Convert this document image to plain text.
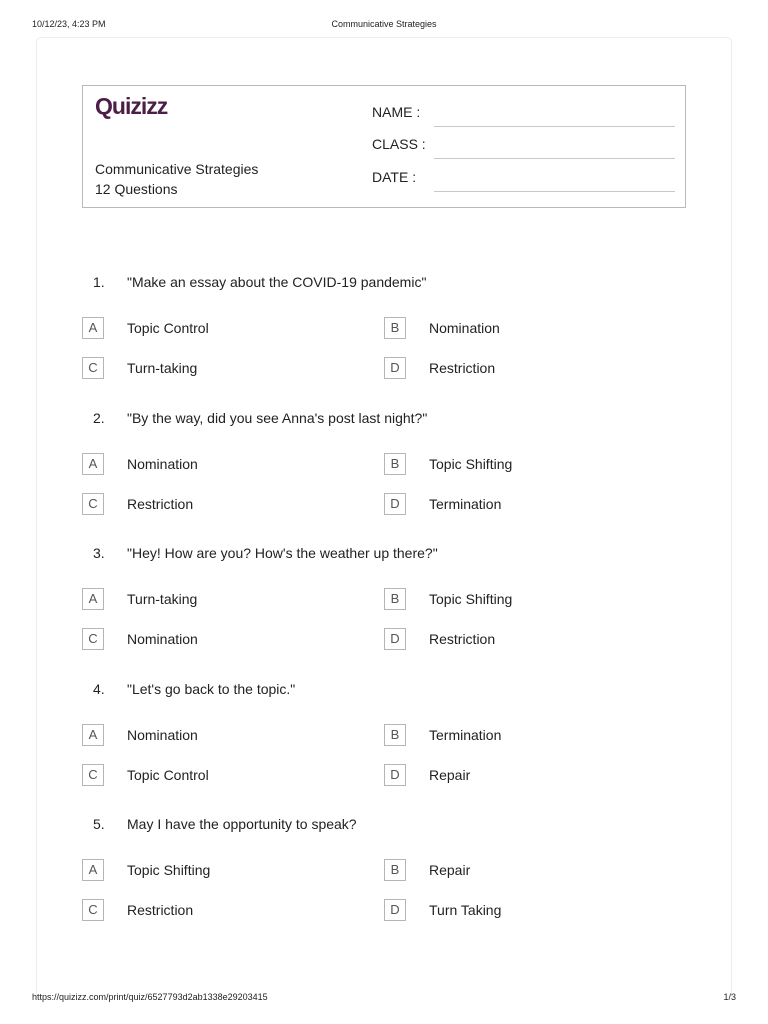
10/12/23, 4:23 PM	Communicative Strategies
Quizizz
Communicative Strategies
12 Questions
NAME :
CLASS :
DATE :
1. "Make an essay about the COVID-19 pandemic"
A	Topic Control	B	Nomination
C	Turn-taking	D	Restriction
2. "By the way, did you see Anna's post last night?"
A	Nomination	B	Topic Shifting
C	Restriction	D	Termination
3. "Hey! How are you? How's the weather up there?"
A	Turn-taking	B	Topic Shifting
C	Nomination	D	Restriction
4. "Let's go back to the topic."
A	Nomination	B	Termination
C	Topic Control	D	Repair
5. May I have the opportunity to speak?
A	Topic Shifting	B	Repair
C	Restriction	D	Turn Taking
https://quizizz.com/print/quiz/6527793d2ab1338e29203415	1/3
